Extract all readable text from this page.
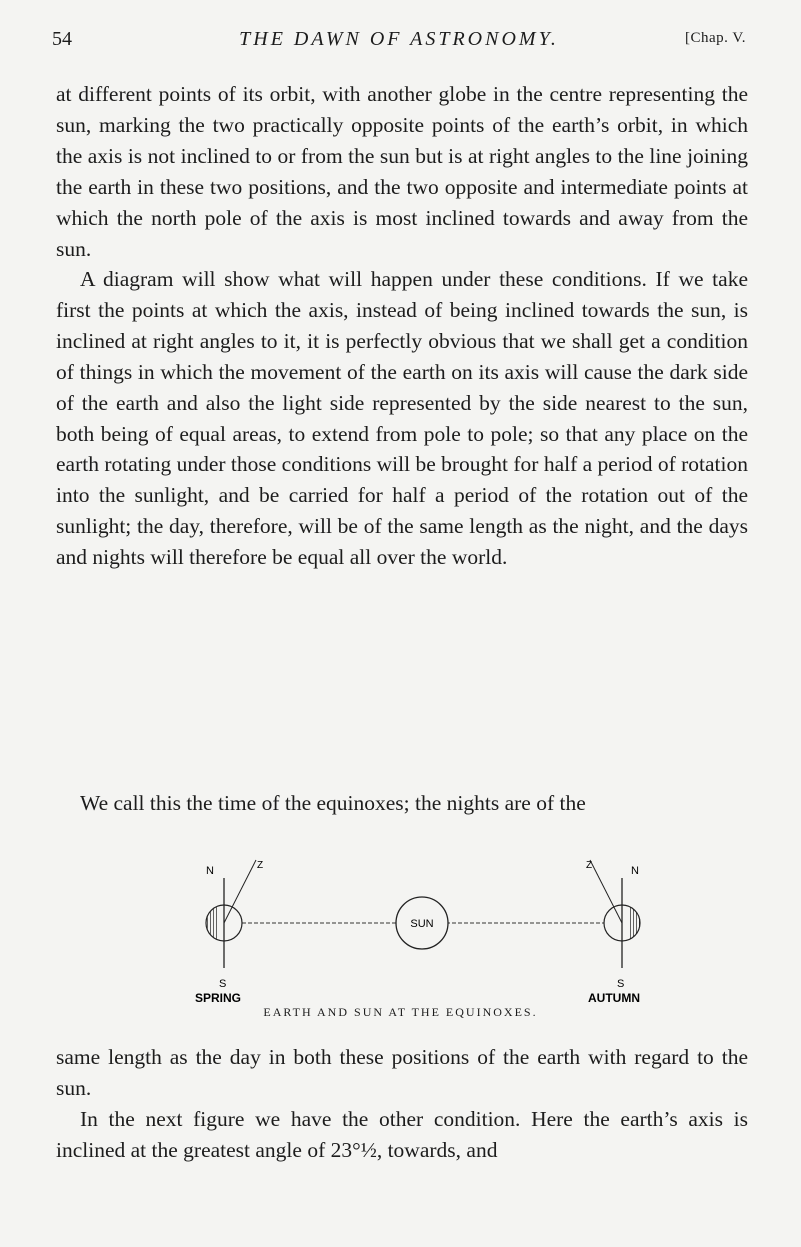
54	THE DAWN OF ASTRONOMY.	[Chap. V.

at different points of its orbit, with another globe in the centre representing the sun, marking the two practically opposite points of the earth’s orbit, in which the axis is not inclined to or from the sun but is at right angles to the line joining the earth in these two positions, and the two opposite and intermediate points at which the north pole of the axis is most inclined towards and away from the sun.

A diagram will show what will happen under these conditions. If we take first the points at which the axis, instead of being inclined towards the sun, is inclined at right angles to it, it is perfectly obvious that we shall get a condition of things in which the movement of the earth on its axis will cause the dark side of the earth and also the light side represented by the side nearest to the sun, both being of equal areas, to extend from pole to pole; so that any place on the earth rotating under those conditions will be brought for half a period of rotation into the sunlight, and be carried for half a period of the rotation out of the sunlight; the day, therefore, will be of the same length as the night, and the days and nights will therefore be equal all over the world.

We call this the time of the equinoxes; the nights are of the

SUN
N	Z
S
SPRING
Z	N
S
AUTUMN
EARTH AND SUN AT THE EQUINOXES.

same length as the day in both these positions of the earth with regard to the sun.

In the next figure we have the other condition. Here the earth’s axis is inclined at the greatest angle of 23°½, towards, and
